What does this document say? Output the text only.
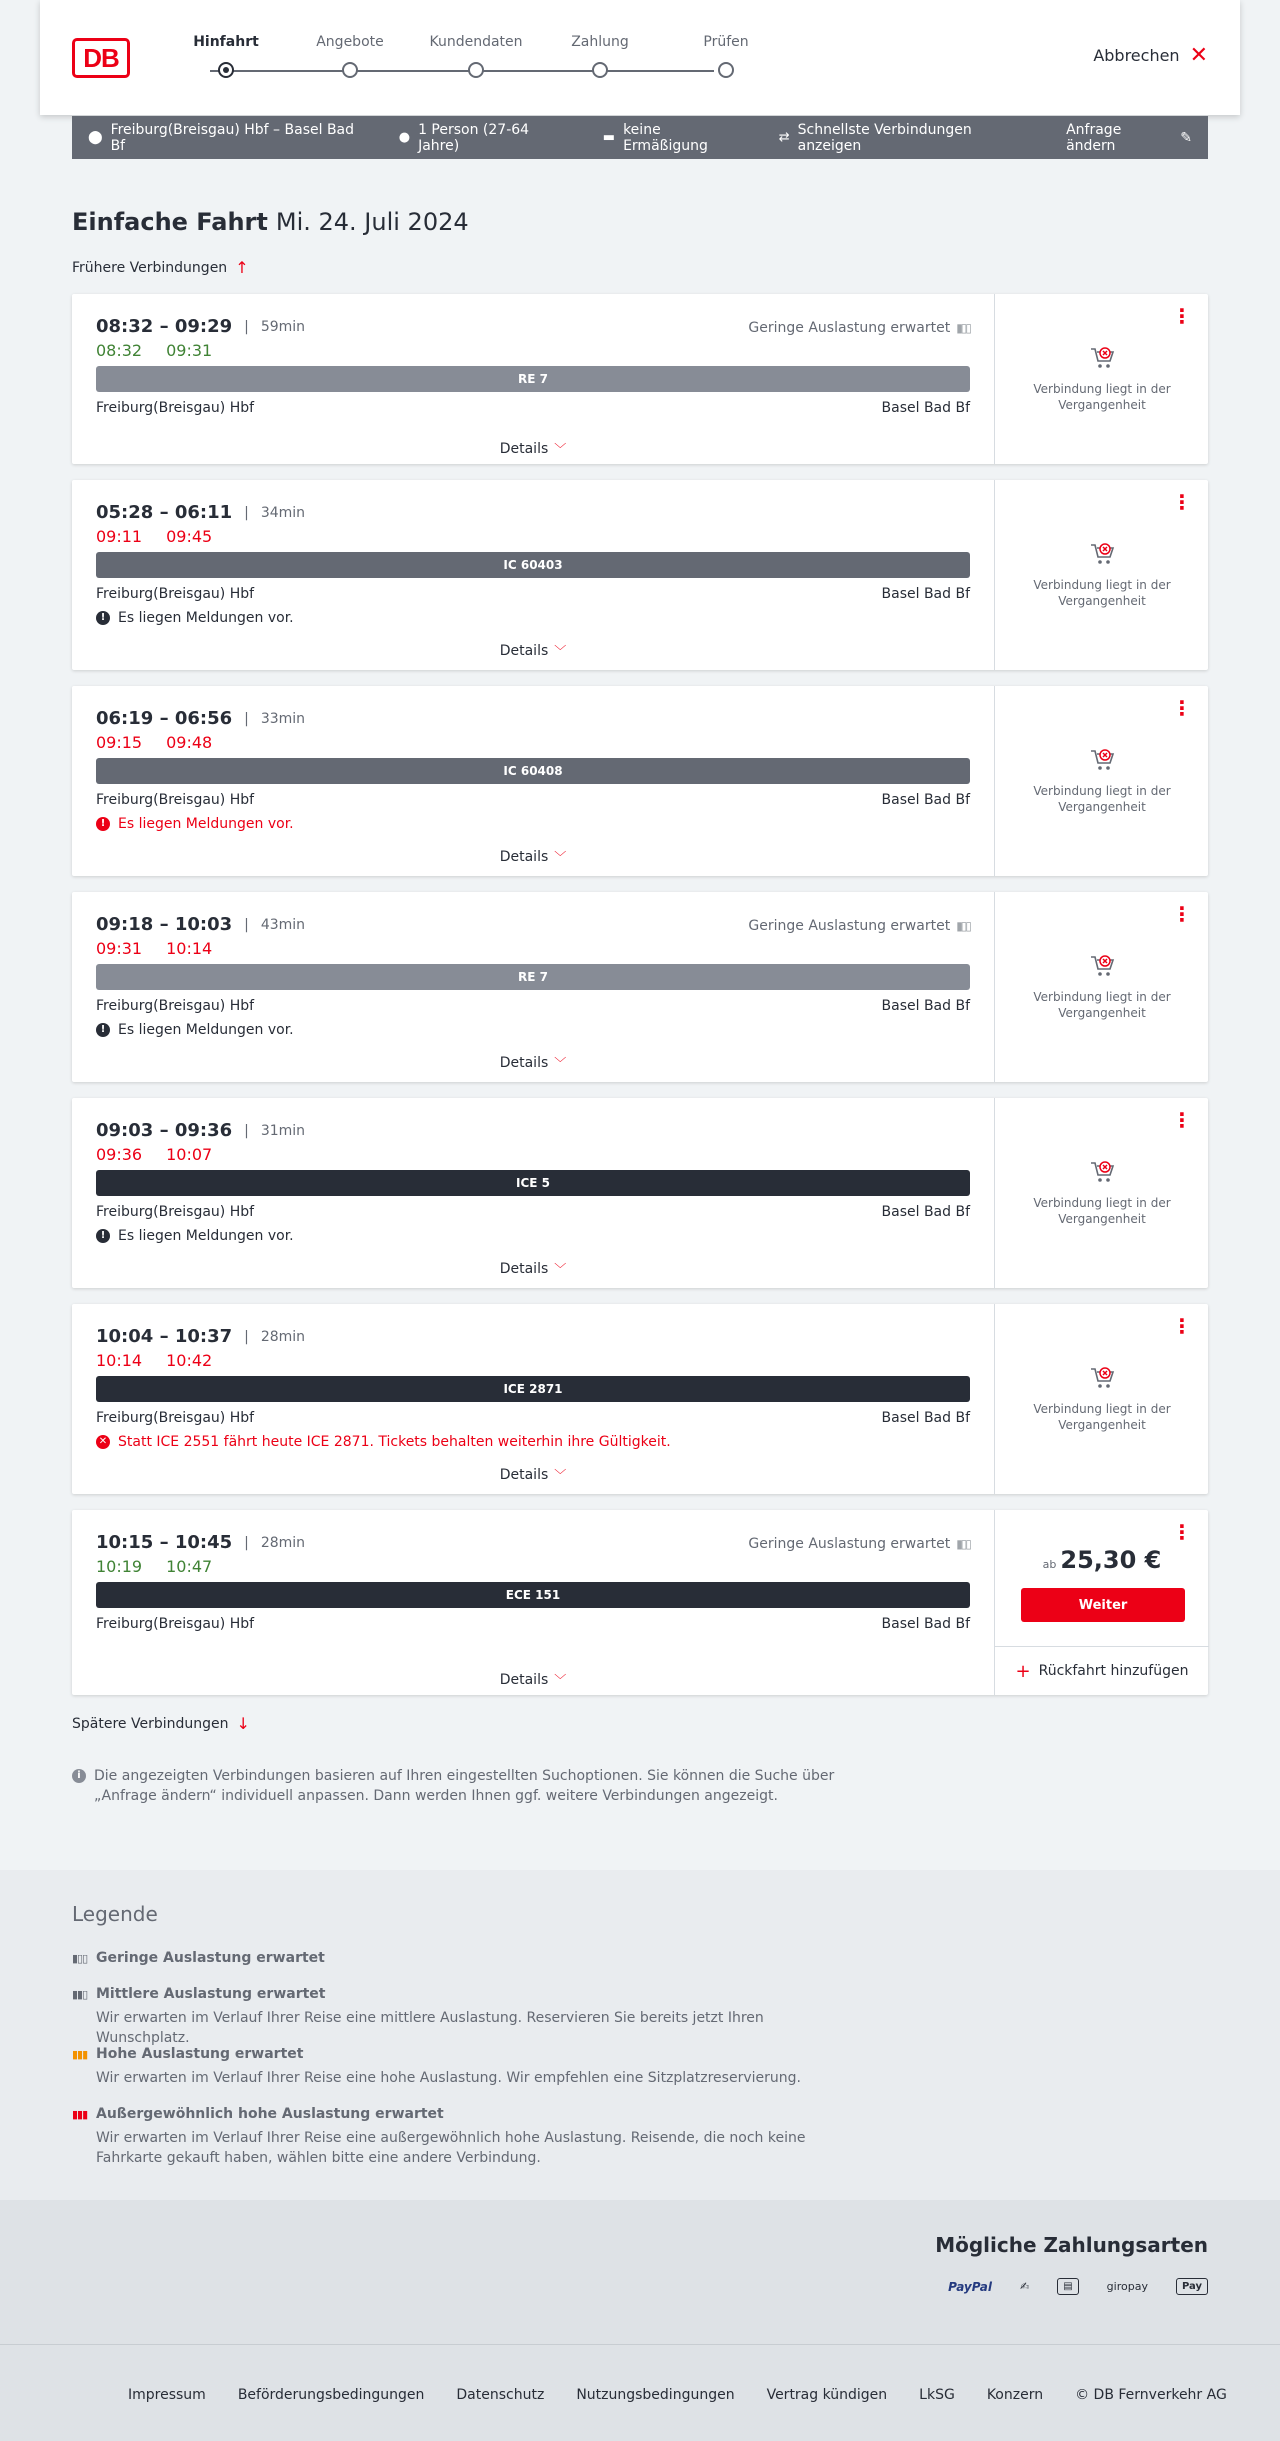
DB
Hinfahrt	Angebote	Kundendaten	Zahlung	Prüfen
Abbrechen ✕
⬤ Freiburg(Breisgau) Hbf – Basel Bad Bf	● 1 Person (27-64 Jahre)	▬ keine Ermäßigung	⇄ Schnellste Verbindungen anzeigen
Anfrage ändern	✎
Einfache Fahrt Mi. 24. Juli 2024
Frühere Verbindungen ↑
08:32 – 09:29 | 59min	Geringe Auslastung erwartet ▮▯▯
08:32 09:31
RE 7
Freiburg(Breisgau) Hbf	Basel Bad Bf
Details ﹀
⋮
Verbindung liegt in der Vergangenheit
05:28 – 06:11 | 34min
09:11 09:45
IC 60403
Freiburg(Breisgau) Hbf	Basel Bad Bf
! Es liegen Meldungen vor.
Details ﹀
⋮
Verbindung liegt in der Vergangenheit
06:19 – 06:56 | 33min
09:15 09:48
IC 60408
Freiburg(Breisgau) Hbf	Basel Bad Bf
! Es liegen Meldungen vor.
Details ﹀
⋮
Verbindung liegt in der Vergangenheit
09:18 – 10:03 | 43min	Geringe Auslastung erwartet ▮▯▯
09:31 10:14
RE 7
Freiburg(Breisgau) Hbf	Basel Bad Bf
! Es liegen Meldungen vor.
Details ﹀
⋮
Verbindung liegt in der Vergangenheit
09:03 – 09:36 | 31min
09:36 10:07
ICE 5
Freiburg(Breisgau) Hbf	Basel Bad Bf
! Es liegen Meldungen vor.
Details ﹀
⋮
Verbindung liegt in der Vergangenheit
10:04 – 10:37 | 28min
10:14 10:42
ICE 2871
Freiburg(Breisgau) Hbf	Basel Bad Bf
✕ Statt ICE 2551 fährt heute ICE 2871. Tickets behalten weiterhin ihre Gültigkeit.
Details ﹀
⋮
Verbindung liegt in der Vergangenheit
10:15 – 10:45 | 28min	Geringe Auslastung erwartet ▮▯▯
10:19 10:47
ECE 151
Freiburg(Breisgau) Hbf	Basel Bad Bf
Details ﹀
⋮
ab 25,30 €
Weiter
+ Rückfahrt hinzufügen
Spätere Verbindungen ↓
i Die angezeigten Verbindungen basieren auf Ihren eingestellten Suchoptionen. Sie können die Suche über „Anfrage ändern“ individuell anpassen. Dann werden Ihnen ggf. weitere Verbindungen angezeigt.
Legende
▮▯▯ Geringe Auslastung erwartet
▮▮▯ Mittlere Auslastung erwartet
Wir erwarten im Verlauf Ihrer Reise eine mittlere Auslastung. Reservieren Sie bereits jetzt Ihren Wunschplatz.
▮▮▮ Hohe Auslastung erwartet
Wir erwarten im Verlauf Ihrer Reise eine hohe Auslastung. Wir empfehlen eine Sitzplatzreservierung.
▮▮▮ Außergewöhnlich hohe Auslastung erwartet
Wir erwarten im Verlauf Ihrer Reise eine außergewöhnlich hohe Auslastung. Reisende, die noch keine Fahrkarte gekauft haben, wählen bitte eine andere Verbindung.
Mögliche Zahlungsarten
PayPal	✍	▤	giropay	Pay
Impressum Beförderungsbedingungen Datenschutz Nutzungsbedingungen Vertrag kündigen LkSG Konzern © DB Fernverkehr AG
